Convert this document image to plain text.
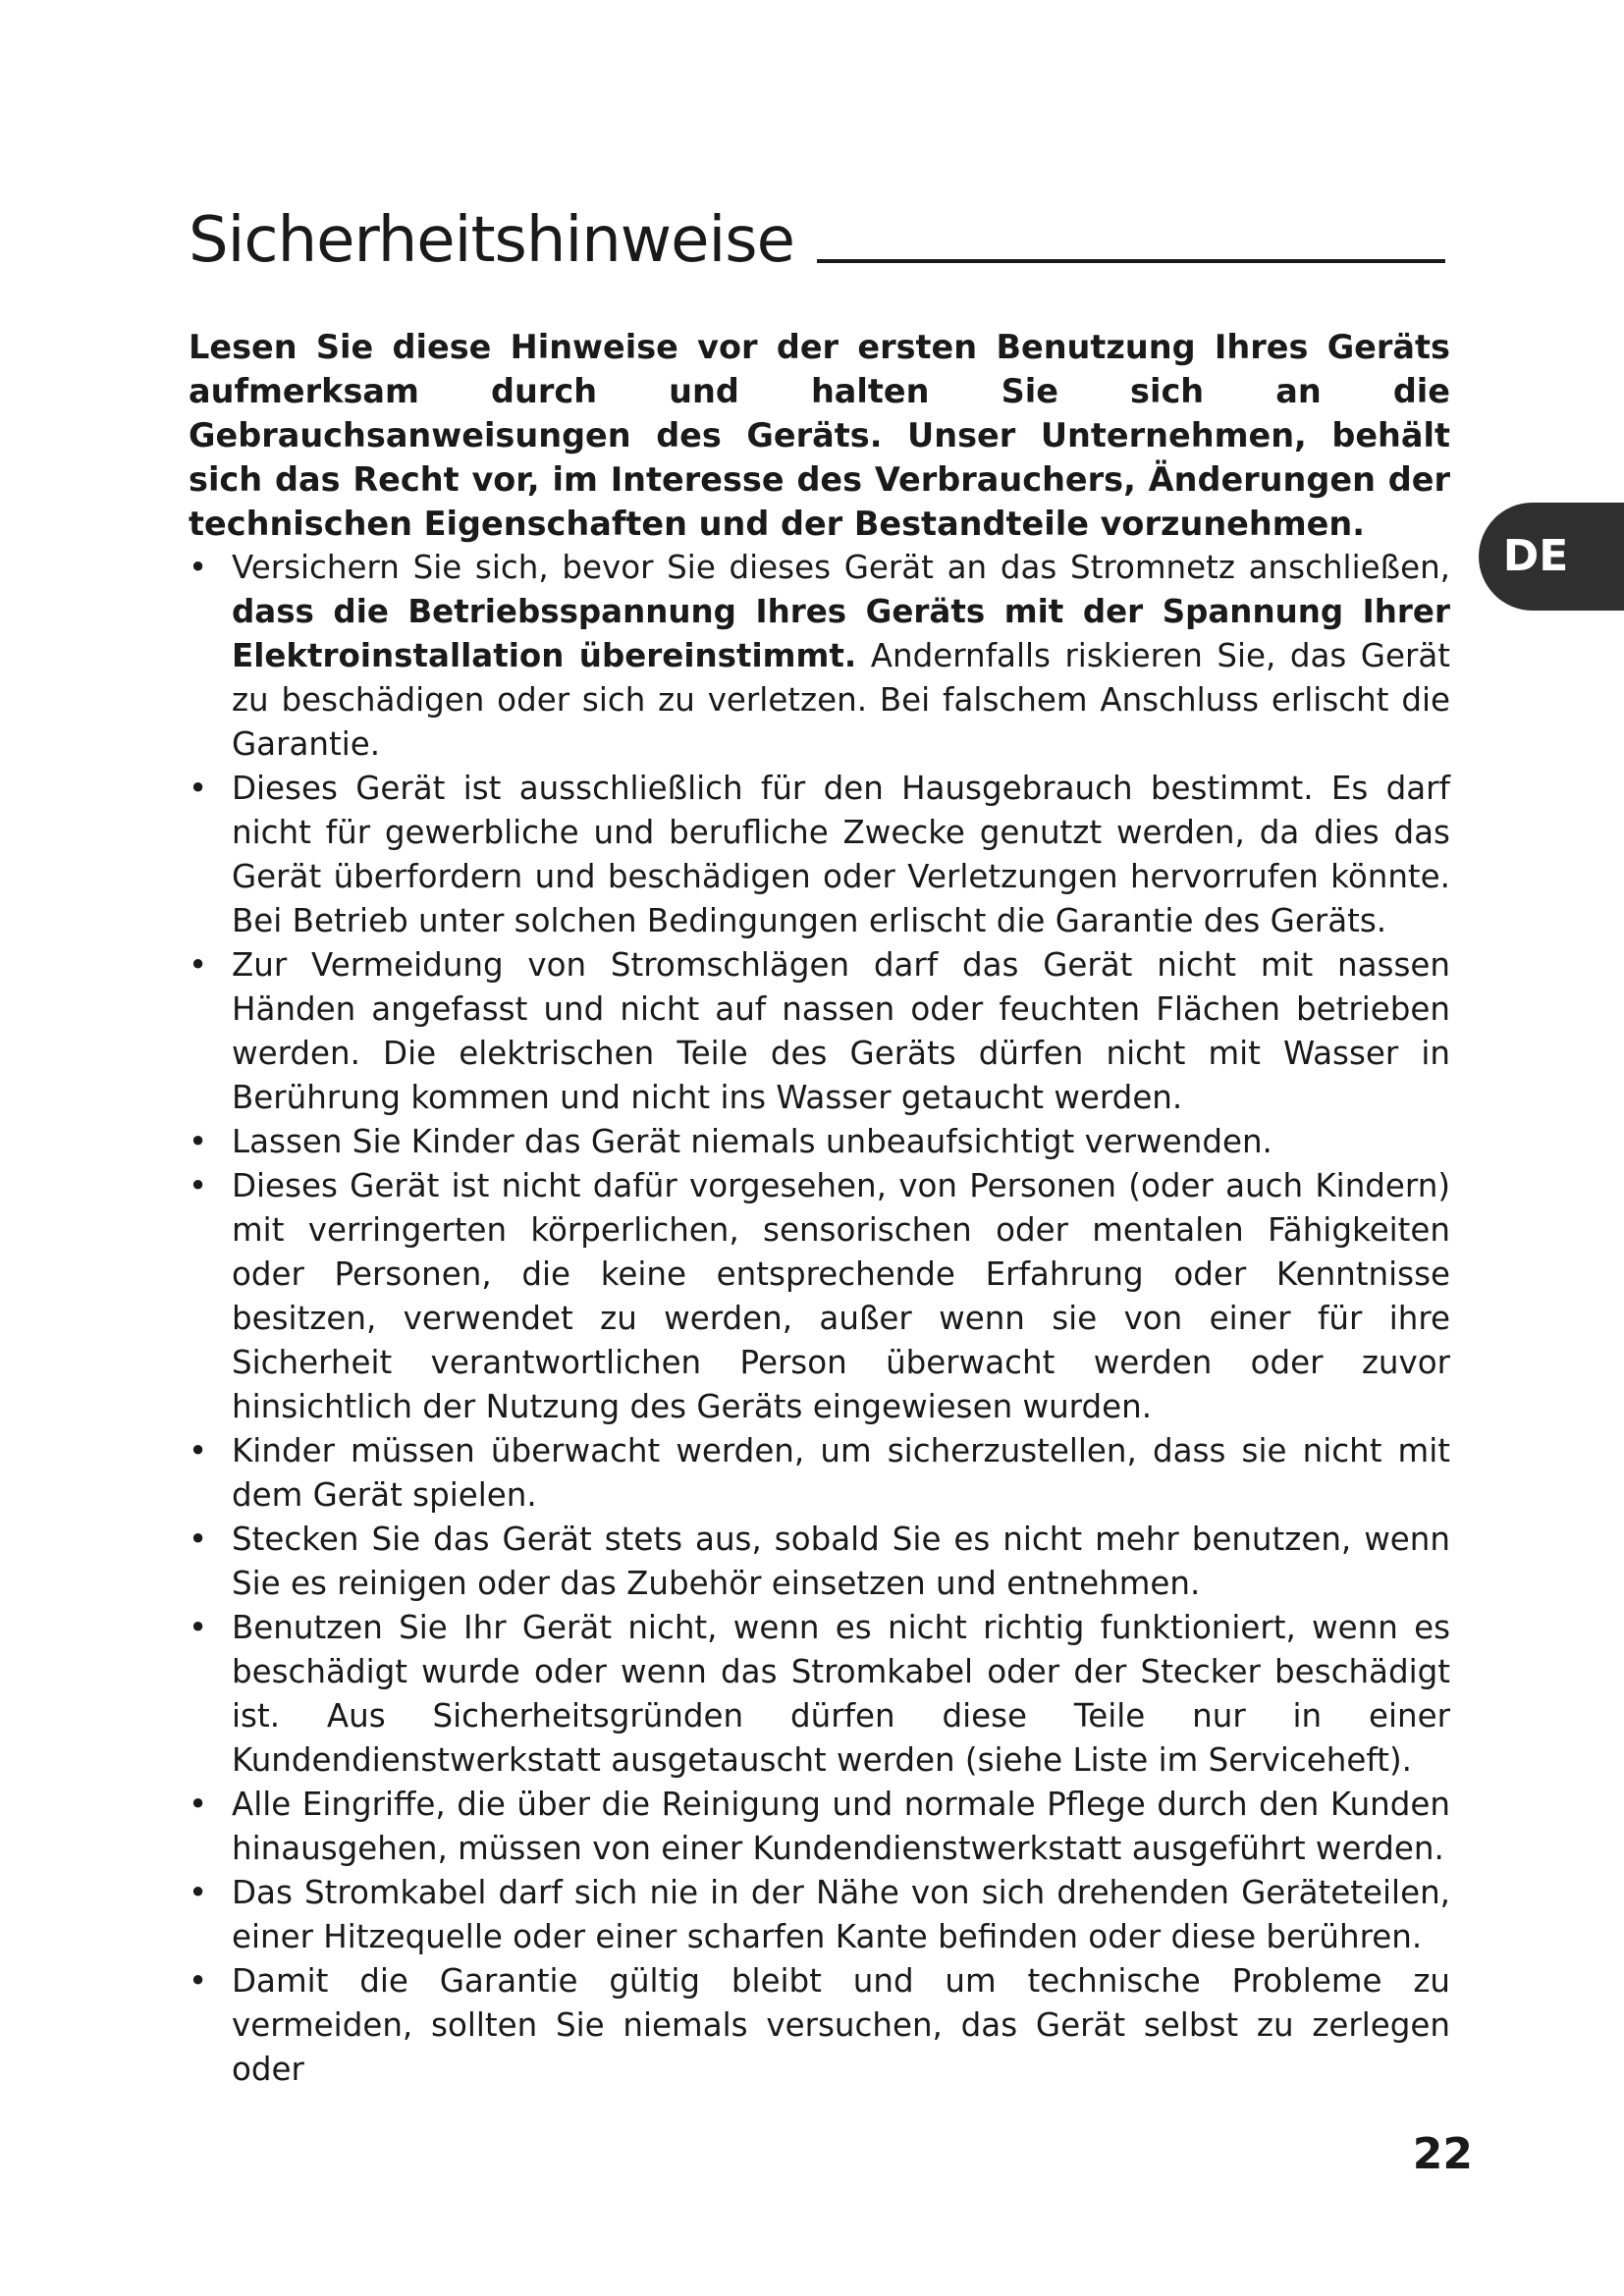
Sicherheitshinweise
DE

Lesen Sie diese Hinweise vor der ersten Benutzung Ihres Geräts aufmerksam durch und halten Sie sich an die Gebrauchsanweisungen des Geräts. Unser Unternehmen, behält sich das Recht vor, im Interesse des Verbrauchers, Änderungen der technischen Eigenschaften und der Bestandteile vorzunehmen.

• Versichern Sie sich, bevor Sie dieses Gerät an das Stromnetz anschließen, dass die Betriebsspannung Ihres Geräts mit der Spannung Ihrer Elektroinstallation übereinstimmt. Andernfalls riskieren Sie, das Gerät zu beschädigen oder sich zu verletzen. Bei falschem Anschluss erlischt die Garantie.
• Dieses Gerät ist ausschließlich für den Hausgebrauch bestimmt. Es darf nicht für gewerbliche und berufliche Zwecke genutzt werden, da dies das Gerät überfordern und beschädigen oder Verletzungen hervorrufen könnte. Bei Betrieb unter solchen Bedingungen erlischt die Garantie des Geräts.
• Zur Vermeidung von Stromschlägen darf das Gerät nicht mit nassen Händen angefasst und nicht auf nassen oder feuchten Flächen betrieben werden. Die elektrischen Teile des Geräts dürfen nicht mit Wasser in Berührung kommen und nicht ins Wasser getaucht werden.
• Lassen Sie Kinder das Gerät niemals unbeaufsichtigt verwenden.
• Dieses Gerät ist nicht dafür vorgesehen, von Personen (oder auch Kindern) mit verringerten körperlichen, sensorischen oder mentalen Fähigkeiten oder Personen, die keine entsprechende Erfahrung oder Kenntnisse besitzen, verwendet zu werden, außer wenn sie von einer für ihre Sicherheit verantwortlichen Person überwacht werden oder zuvor hinsichtlich der Nutzung des Geräts eingewiesen wurden.
• Kinder müssen überwacht werden, um sicherzustellen, dass sie nicht mit dem Gerät spielen.
• Stecken Sie das Gerät stets aus, sobald Sie es nicht mehr benutzen, wenn Sie es reinigen oder das Zubehör einsetzen und entnehmen.
• Benutzen Sie Ihr Gerät nicht, wenn es nicht richtig funktioniert, wenn es beschädigt wurde oder wenn das Stromkabel oder der Stecker beschädigt ist. Aus Sicherheitsgründen dürfen diese Teile nur in einer Kundendienstwerkstatt ausgetauscht werden (siehe Liste im Serviceheft).
• Alle Eingriffe, die über die Reinigung und normale Pflege durch den Kunden hinausgehen, müssen von einer Kundendienstwerkstatt ausgeführt werden.
• Das Stromkabel darf sich nie in der Nähe von sich drehenden Geräteteilen, einer Hitzequelle oder einer scharfen Kante befinden oder diese berühren.
• Damit die Garantie gültig bleibt und um technische Probleme zu vermeiden, sollten Sie niemals versuchen, das Gerät selbst zu zerlegen oder
22
